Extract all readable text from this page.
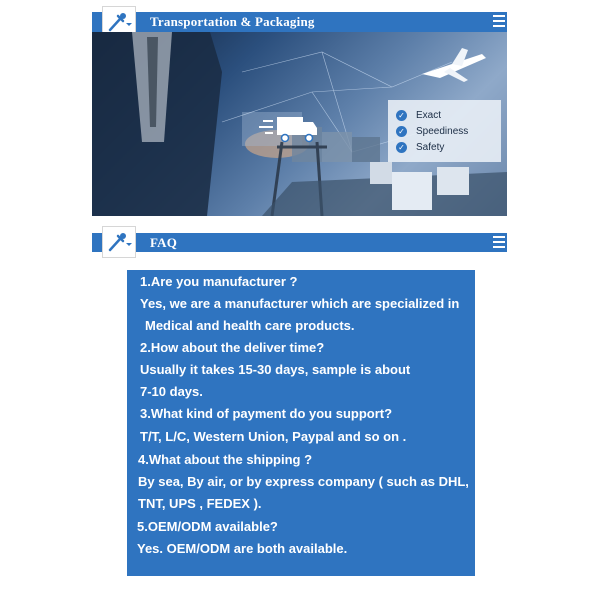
Transportation & Packaging
✓ Exact
✓ Speediness
✓ Safety
FAQ
1.Are you manufacturer ?
Yes, we are a manufacturer which are specialized in
Medical and health care products.
2.How about the deliver time?
Usually it takes 15-30 days, sample is about
7-10 days.
3.What kind of payment do you support?
T/T, L/C, Western Union, Paypal and so on .
4.What about the shipping ?
By sea, By air, or by express company ( such as DHL,
TNT, UPS , FEDEX ).
5.OEM/ODM available?
Yes. OEM/ODM are both available.
